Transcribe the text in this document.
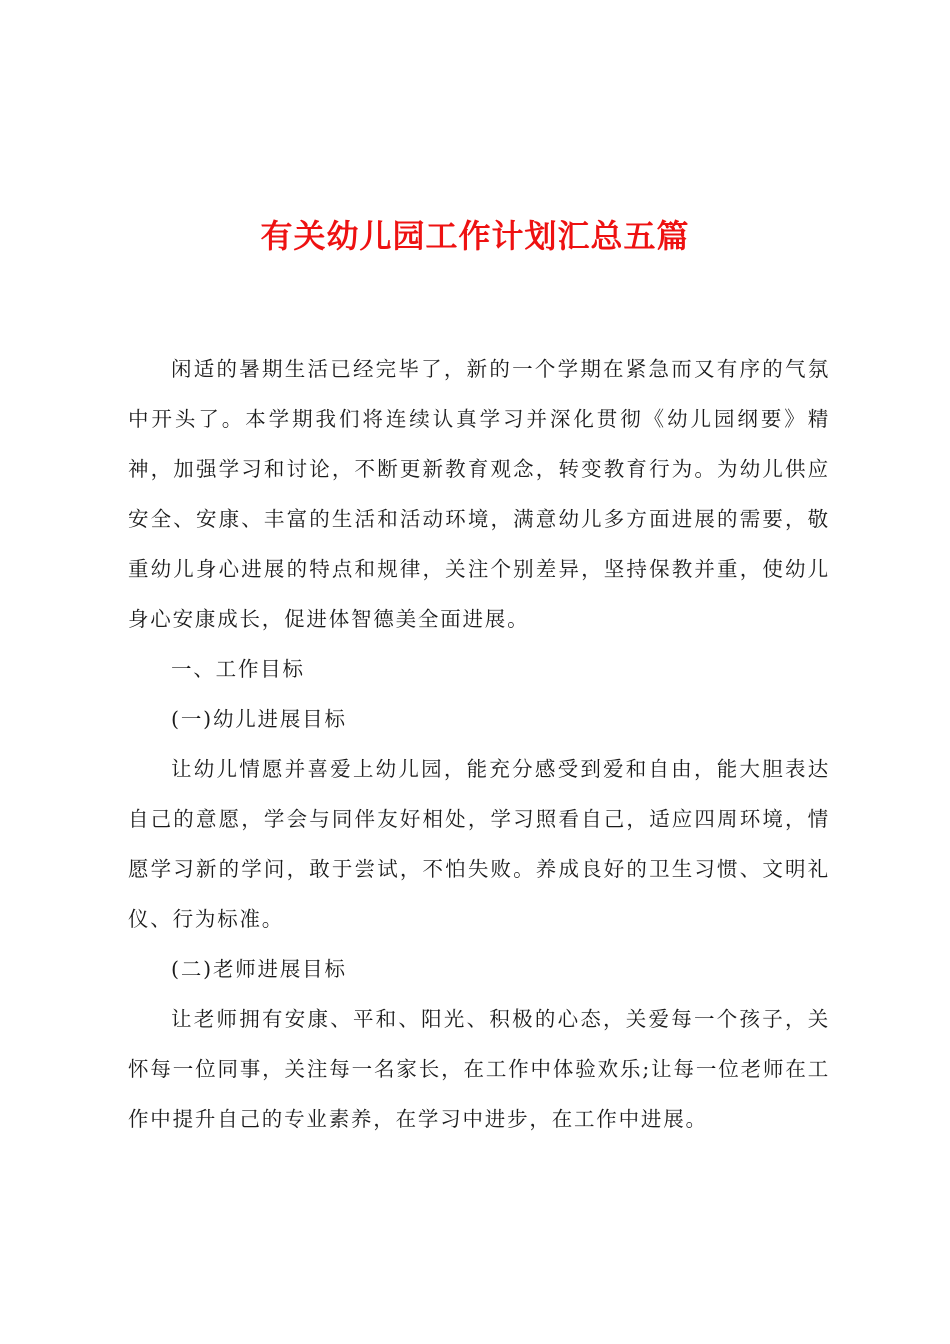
有关幼儿园工作计划汇总五篇

闲适的暑期生活已经完毕了，新的一个学期在紧急而又有序的气氛中开头了。本学期我们将连续认真学习并深化贯彻《幼儿园纲要》精神，加强学习和讨论，不断更新教育观念，转变教育行为。为幼儿供应安全、安康、丰富的生活和活动环境，满意幼儿多方面进展的需要，敬重幼儿身心进展的特点和规律，关注个别差异，坚持保教并重，使幼儿身心安康成长，促进体智德美全面进展。

一、工作目标

(一)幼儿进展目标

让幼儿情愿并喜爱上幼儿园，能充分感受到爱和自由，能大胆表达自己的意愿，学会与同伴友好相处，学习照看自己，适应四周环境，情愿学习新的学问，敢于尝试，不怕失败。养成良好的卫生习惯、文明礼仪、行为标准。

(二)老师进展目标

让老师拥有安康、平和、阳光、积极的心态，关爱每一个孩子，关怀每一位同事，关注每一名家长，在工作中体验欢乐;让每一位老师在工作中提升自己的专业素养，在学习中进步，在工作中进展。
